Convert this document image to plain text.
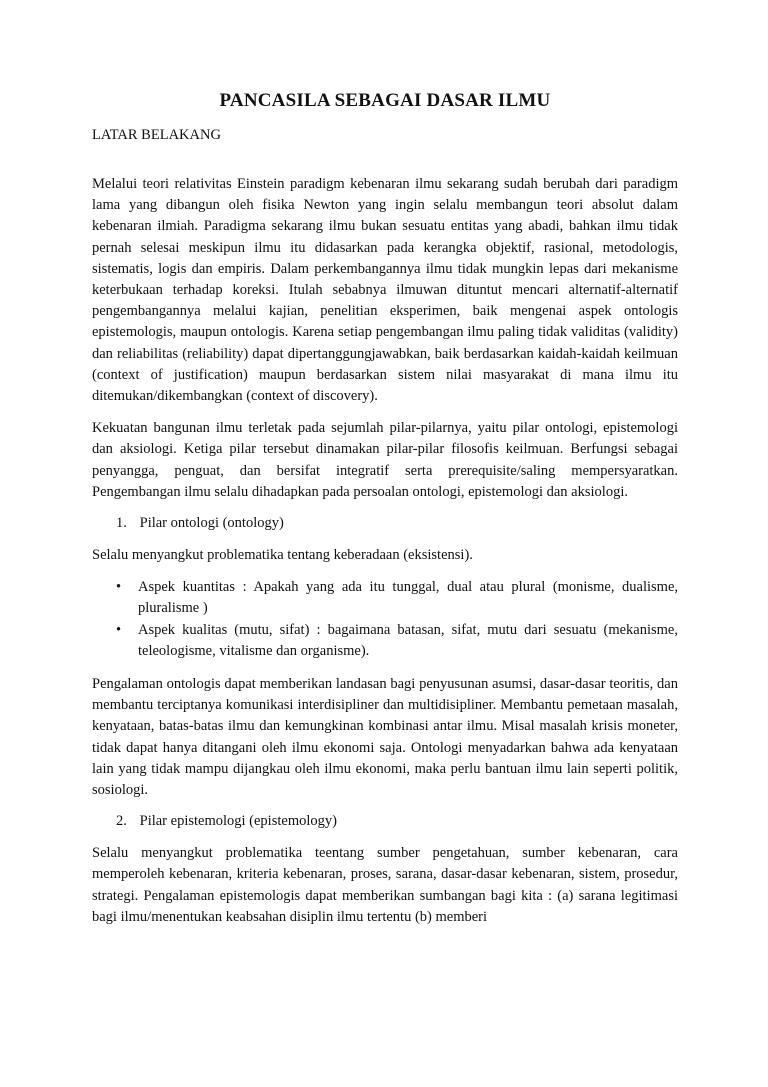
PANCASILA SEBAGAI DASAR ILMU
LATAR BELAKANG

Melalui teori relativitas Einstein paradigm kebenaran ilmu sekarang sudah berubah dari paradigm lama yang dibangun oleh fisika Newton yang ingin selalu membangun teori absolut dalam kebenaran ilmiah. Paradigma sekarang ilmu bukan sesuatu entitas yang abadi, bahkan ilmu tidak pernah selesai meskipun ilmu itu didasarkan pada kerangka objektif, rasional, metodologis, sistematis, logis dan empiris. Dalam perkembangannya ilmu tidak mungkin lepas dari mekanisme keterbukaan terhadap koreksi. Itulah sebabnya ilmuwan dituntut mencari alternatif-alternatif pengembangannya melalui kajian, penelitian eksperimen, baik mengenai aspek ontologis epistemologis, maupun ontologis. Karena setiap pengembangan ilmu paling tidak validitas (validity) dan reliabilitas (reliability) dapat dipertanggungjawabkan, baik berdasarkan kaidah-kaidah keilmuan (context of justification) maupun berdasarkan sistem nilai masyarakat di mana ilmu itu ditemukan/dikembangkan (context of discovery).

Kekuatan bangunan ilmu terletak pada sejumlah pilar-pilarnya, yaitu pilar ontologi, epistemologi dan aksiologi. Ketiga pilar tersebut dinamakan pilar-pilar filosofis keilmuan. Berfungsi sebagai penyangga, penguat, dan bersifat integratif serta prerequisite/saling mempersyaratkan. Pengembangan ilmu selalu dihadapkan pada persoalan ontologi, epistemologi dan aksiologi.

1. Pilar ontologi (ontology)

Selalu menyangkut problematika tentang keberadaan (eksistensi).

• Aspek kuantitas : Apakah yang ada itu tunggal, dual atau plural (monisme, dualisme, pluralisme )
• Aspek kualitas (mutu, sifat) : bagaimana batasan, sifat, mutu dari sesuatu (mekanisme, teleologisme, vitalisme dan organisme).

Pengalaman ontologis dapat memberikan landasan bagi penyusunan asumsi, dasar-dasar teoritis, dan membantu terciptanya komunikasi interdisipliner dan multidisipliner. Membantu pemetaan masalah, kenyataan, batas-batas ilmu dan kemungkinan kombinasi antar ilmu. Misal masalah krisis moneter, tidak dapat hanya ditangani oleh ilmu ekonomi saja. Ontologi menyadarkan bahwa ada kenyataan lain yang tidak mampu dijangkau oleh ilmu ekonomi, maka perlu bantuan ilmu lain seperti politik, sosiologi.

2. Pilar epistemologi (epistemology)

Selalu menyangkut problematika teentang sumber pengetahuan, sumber kebenaran, cara memperoleh kebenaran, kriteria kebenaran, proses, sarana, dasar-dasar kebenaran, sistem, prosedur, strategi. Pengalaman epistemologis dapat memberikan sumbangan bagi kita : (a) sarana legitimasi bagi ilmu/menentukan keabsahan disiplin ilmu tertentu (b) memberi
